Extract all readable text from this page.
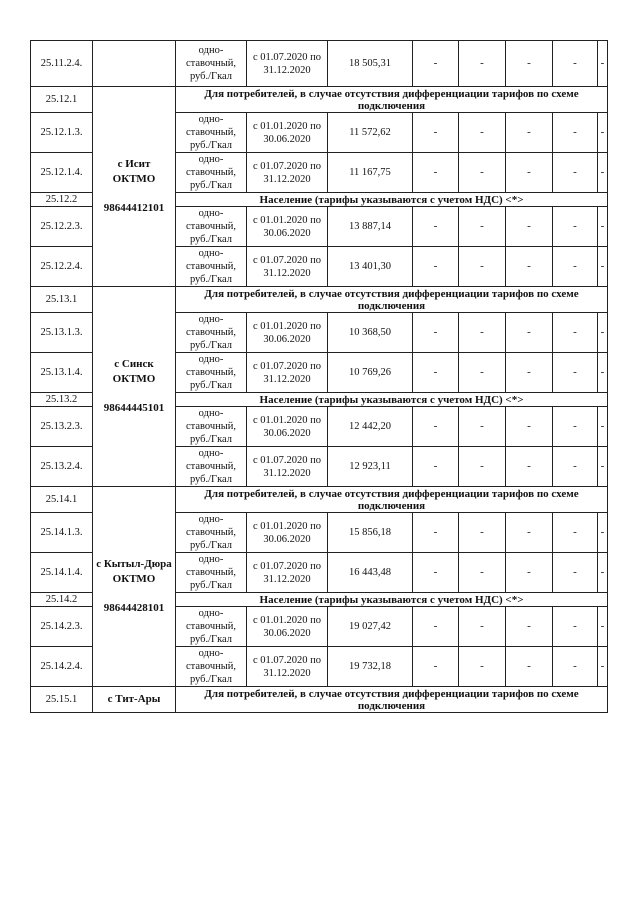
25.11.2.4.		одно-ставочный, руб./Гкал	с 01.07.2020 по 31.12.2020	18 505,31	-	-	-	-	-
25.12.1	с Исит
ОКТМО
98644412101	Для потребителей, в случае отсутствия дифференциации тарифов по схеме подключения							
25.12.1.3.		одно-ставочный, руб./Гкал	с 01.01.2020 по 30.06.2020	11 572,62	-	-	-	-	-
25.12.1.4.		одно-ставочный, руб./Гкал	с 01.07.2020 по 31.12.2020	11 167,75	-	-	-	-	-
25.12.2		Население (тарифы указываются с учетом НДС) <*>							
25.12.2.3.		одно-ставочный, руб./Гкал	с 01.01.2020 по 30.06.2020	13 887,14	-	-	-	-	-
25.12.2.4.		одно-ставочный, руб./Гкал	с 01.07.2020 по 31.12.2020	13 401,30	-	-	-	-	-
25.13.1	с Синск
ОКТМО
98644445101	Для потребителей, в случае отсутствия дифференциации тарифов по схеме подключения							
25.13.1.3.		одно-ставочный, руб./Гкал	с 01.01.2020 по 30.06.2020	10 368,50	-	-	-	-	-
25.13.1.4.		одно-ставочный, руб./Гкал	с 01.07.2020 по 31.12.2020	10 769,26	-	-	-	-	-
25.13.2		Население (тарифы указываются с учетом НДС) <*>							
25.13.2.3.		одно-ставочный, руб./Гкал	с 01.01.2020 по 30.06.2020	12 442,20	-	-	-	-	-
25.13.2.4.		одно-ставочный, руб./Гкал	с 01.07.2020 по 31.12.2020	12 923,11	-	-	-	-	-
25.14.1	с Кытыл-Дюра
ОКТМО
98644428101	Для потребителей, в случае отсутствия дифференциации тарифов по схеме подключения							
25.14.1.3.		одно-ставочный, руб./Гкал	с 01.01.2020 по 30.06.2020	15 856,18	-	-	-	-	-
25.14.1.4.		одно-ставочный, руб./Гкал	с 01.07.2020 по 31.12.2020	16 443,48	-	-	-	-	-
25.14.2		Население (тарифы указываются с учетом НДС) <*>							
25.14.2.3.		одно-ставочный, руб./Гкал	с 01.01.2020 по 30.06.2020	19 027,42	-	-	-	-	-
25.14.2.4.		одно-ставочный, руб./Гкал	с 01.07.2020 по 31.12.2020	19 732,18	-	-	-	-	-
25.15.1	с Тит-Ары	Для потребителей, в случае отсутствия дифференциации тарифов по схеме подключения							
